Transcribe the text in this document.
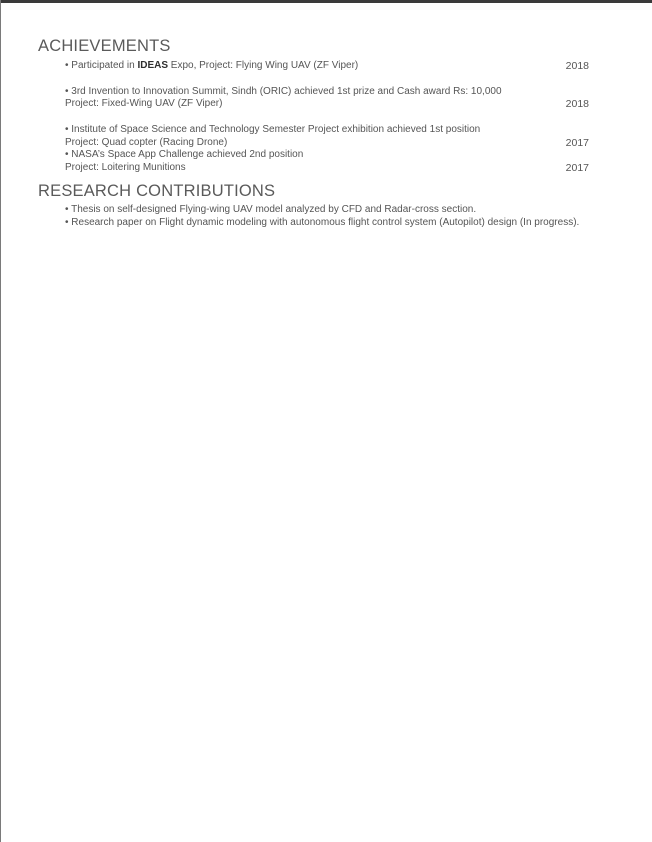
ACHIEVEMENTS
• Participated in IDEAS Expo, Project: Flying Wing UAV (ZF Viper)	2018
• 3rd Invention to Innovation Summit, Sindh (ORIC) achieved 1st prize and Cash award Rs: 10,000
Project: Fixed-Wing UAV (ZF Viper)	2018
• Institute of Space Science and Technology Semester Project exhibition achieved 1st position
Project: Quad copter (Racing Drone)	2017
• NASA’s Space App Challenge achieved 2nd position
Project: Loitering Munitions	2017
RESEARCH CONTRIBUTIONS
• Thesis on self-designed Flying-wing UAV model analyzed by CFD and Radar-cross section.
• Research paper on Flight dynamic modeling with autonomous flight control system (Autopilot) design (In progress).
